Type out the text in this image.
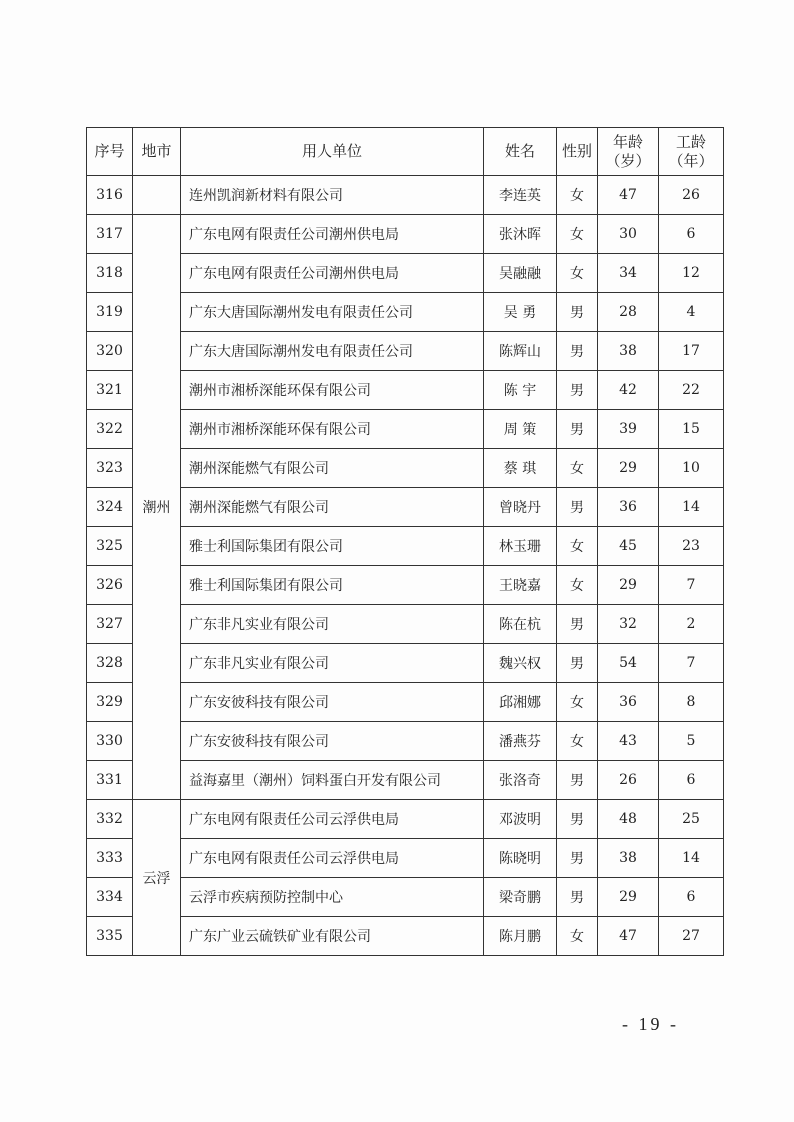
序号	地市	用人单位	姓名	性别	年龄（岁）	工龄（年）
316		连州凯润新材料有限公司	李连英	女	47	26
317	潮州	广东电网有限责任公司潮州供电局	张沐晖	女	30	6
318		广东电网有限责任公司潮州供电局	吴融融	女	34	12
319		广东大唐国际潮州发电有限责任公司	吴 勇	男	28	4
320		广东大唐国际潮州发电有限责任公司	陈辉山	男	38	17
321		潮州市湘桥深能环保有限公司	陈 宇	男	42	22
322		潮州市湘桥深能环保有限公司	周 策	男	39	15
323		潮州深能燃气有限公司	蔡 琪	女	29	10
324		潮州深能燃气有限公司	曾晓丹	男	36	14
325		雅士利国际集团有限公司	林玉珊	女	45	23
326		雅士利国际集团有限公司	王晓嘉	女	29	7
327		广东非凡实业有限公司	陈在杭	男	32	2
328		广东非凡实业有限公司	魏兴权	男	54	7
329		广东安彼科技有限公司	邱湘娜	女	36	8
330		广东安彼科技有限公司	潘燕芬	女	43	5
331		益海嘉里（潮州）饲料蛋白开发有限公司	张洛奇	男	26	6
332	云浮	广东电网有限责任公司云浮供电局	邓波明	男	48	25
333		广东电网有限责任公司云浮供电局	陈晓明	男	38	14
334		云浮市疾病预防控制中心	梁奇鹏	男	29	6
335		广东广业云硫铁矿业有限公司	陈月鹏	女	47	27
- 19 -
